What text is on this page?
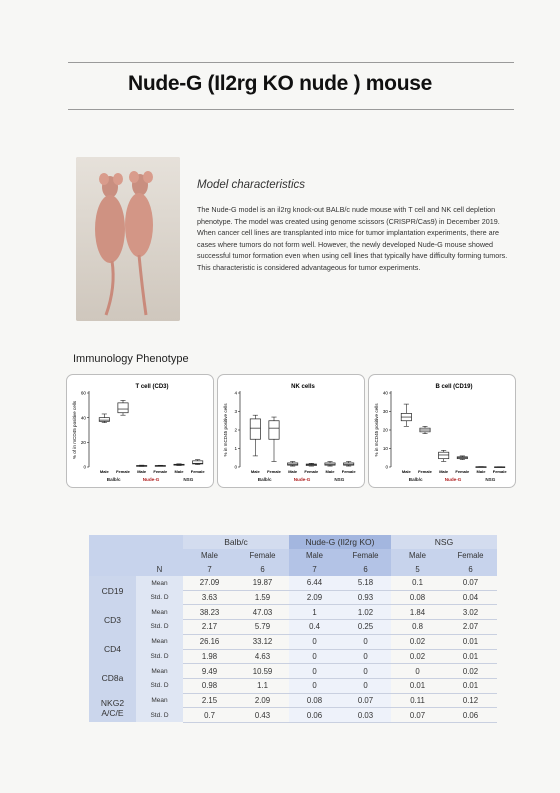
Nude-G (Il2rg KO nude ) mouse
Model characteristics
The Nude-G model is an il2rg knock-out BALB/c nude mouse with T cell and NK cell depletion phenotype. The model was created using genome scissors (CRISPR/Cas9) in December 2019. When cancer cell lines are transplanted into mice for tumor implantation experiments, there are cases where tumors do not form well. However, the newly developed Nude-G mouse showed successful tumor formation even when using cell lines that typically have difficulty forming tumors. This characteristic is considered advantageous for tumor experiments.
Immunology Phenotype
T cell (CD3)
% of in mCD45 positive cells
0
20
40
60
Male Female Male Female Male Female
Balb/c	Nude-G	NSG
NK cells
% in mCD45 positive cells
0
1
2
3
4
Male Female Male Female Male Female
Balb/c	Nude-G	NSG
B cell (CD19)
% in mCD45 positive cells
0
10
20
30
40
Male Female Male Female Male Female
Balb/c	Nude-G	NSG
		Balb/c		Nude-G (Il2rg KO)		NSG	
		Male	Female	Male	Female	Male	Female
	N	7	6	7	6	5	6
CD19	Mean	27.09	19.87	6.44	5.18	0.1	0.07
	Std. D	3.63	1.59	2.09	0.93	0.08	0.04
CD3	Mean	38.23	47.03	1	1.02	1.84	3.02
	Std. D	2.17	5.79	0.4	0.25	0.8	2.07
CD4	Mean	26.16	33.12	0	0	0.02	0.01
	Std. D	1.98	4.63	0	0	0.02	0.01
CD8a	Mean	9.49	10.59	0	0	0	0.02
	Std. D	0.98	1.1	0	0	0.01	0.01
NKG2 A/C/E	Mean	2.15	2.09	0.08	0.07	0.11	0.12
	Std. D	0.7	0.43	0.06	0.03	0.07	0.06
